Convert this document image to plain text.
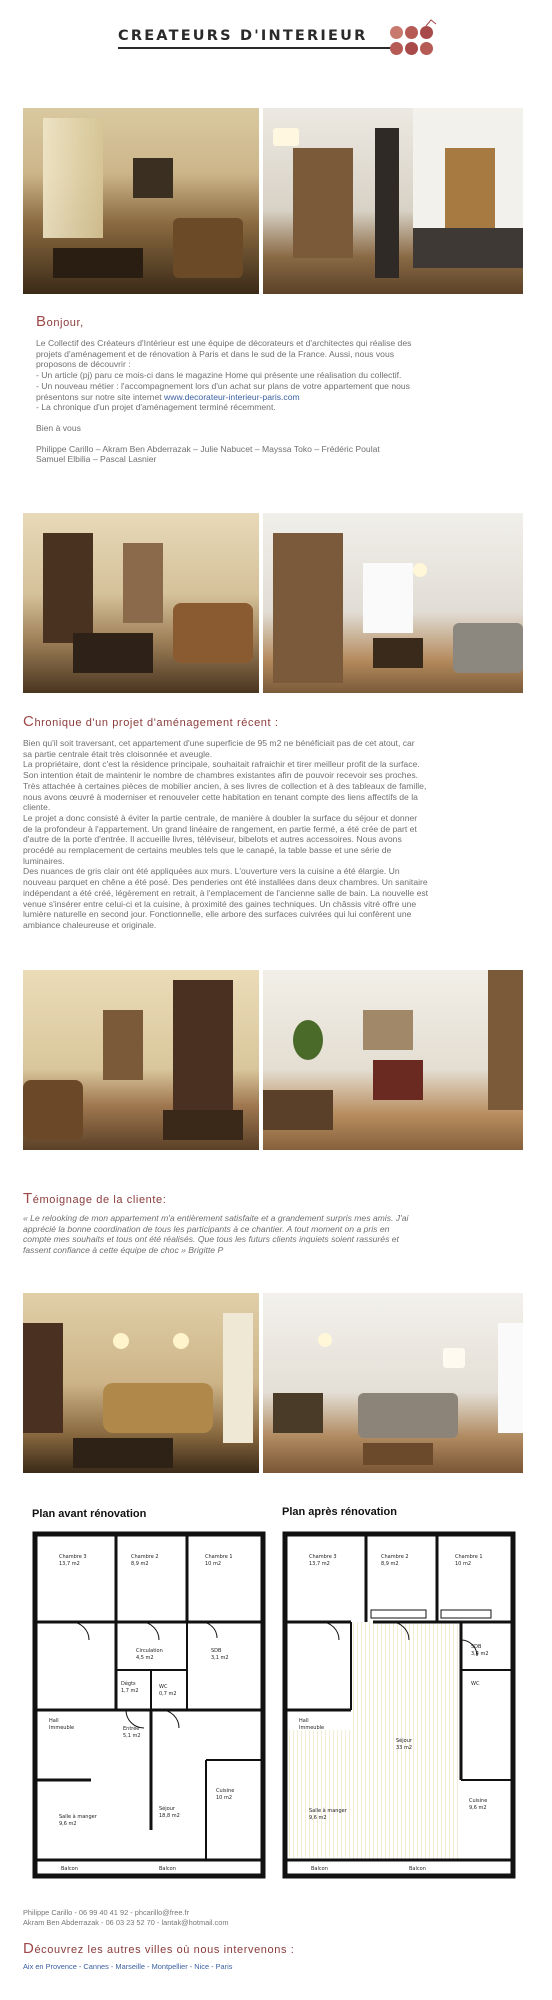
CREATEURS D'INTERIEUR
Bonjour,

Le Collectif des Créateurs d'Intérieur est une équipe de décorateurs et d'architectes qui réalise des

projets d'aménagement et de rénovation à Paris et dans le sud de la France. Aussi, nous vous

proposons de découvrir :

- Un article (pj) paru ce mois-ci dans le magazine Home qui présente une réalisation du collectif.

- Un nouveau métier : l'accompagnement lors d'un achat sur plans de votre appartement que nous

présentons sur notre site internet www.decorateur-interieur-paris.com

- La chronique d'un projet d'aménagement terminé récemment.

Bien à vous

Philippe Carillo – Akram Ben Abderrazak – Julie Nabucet – Mayssa Toko – Frédéric Poulat

Samuel Elbilia – Pascal Lasnier

Chronique d'un projet d'aménagement récent :

Bien qu'il soit traversant, cet appartement d'une superficie de 95 m2 ne bénéficiait pas de cet atout, car

sa partie centrale était très cloisonnée et aveugle.

La propriétaire, dont c'est la résidence principale, souhaitait rafraichir et tirer meilleur profit de la surface.

Son intention était de maintenir le nombre de chambres existantes afin de pouvoir recevoir ses proches.

Très attachée à certaines pièces de mobilier ancien, à ses livres de collection et à des tableaux de famille,

nous avons œuvré à moderniser et renouveler cette habitation en tenant compte des liens affectifs de la

cliente.

Le projet a donc consisté à éviter la partie centrale, de manière à doubler la surface du séjour et donner

de la profondeur à l'appartement. Un grand linéaire de rangement, en partie fermé, a été crée de part et

d'autre de la porte d'entrée. Il accueille livres, téléviseur, bibelots et autres accessoires. Nous avons

procédé au remplacement de certains meubles tels que le canapé, la table basse et une série de

luminaires.

Des nuances de gris clair ont été appliquées aux murs. L'ouverture vers la cuisine a été élargie. Un

nouveau parquet en chêne a été posé. Des penderies ont été installées dans deux chambres. Un sanitaire

indépendant a été créé, légèrement en retrait, à l'emplacement de l'ancienne salle de bain. La nouvelle est

venue s'insérer entre celui-ci et la cuisine, à proximité des gaines techniques. Un châssis vitré offre une

lumière naturelle en second jour. Fonctionnelle, elle arbore des surfaces cuivrées qui lui confèrent une

ambiance chaleureuse et originale.

Témoignage de la cliente:

« Le relooking de mon appartement m'a entièrement satisfaite et a grandement surpris mes amis. J'ai

apprécié la bonne coordination de tous les participants à ce chantier. A tout moment on a pris en

compte mes souhaits et tous ont été réalisés. Que tous les futurs clients inquiets soient rassurés et

fassent confiance à cette équipe de choc » Brigitte P

Plan avant rénovation	Plan après rénovation
Chambre 3
13,7 m2
Chambre 2
8,9 m2
Chambre 1
10 m2
Circulation
4,5 m2
SDB
3,1 m2
Dégts
1,7 m2
WC
0,7 m2
Hall
Immeuble	Entrée
5,1 m2
Salle à manger
9,6 m2
Séjour
18,8 m2
Cuisine
10 m2
Balcon	Balcon
Chambre 3
13,7 m2
Chambre 2
8,9 m2
Chambre 1
10 m2
SDB
3,4 m2
WC
Hall
Immeuble
Séjour
33 m2
Salle à manger
9,6 m2
Cuisine
9,6 m2
Balcon	Balcon
Philippe Carillo - 06 99 40 41 92 - phcarillo@free.fr
Akram Ben Abderrazak - 06 03 23 52 70 - lantak@hotmail.com
Découvrez les autres villes où nous intervenons :
Aix en Provence - Cannes - Marseille - Montpellier - Nice - Paris
